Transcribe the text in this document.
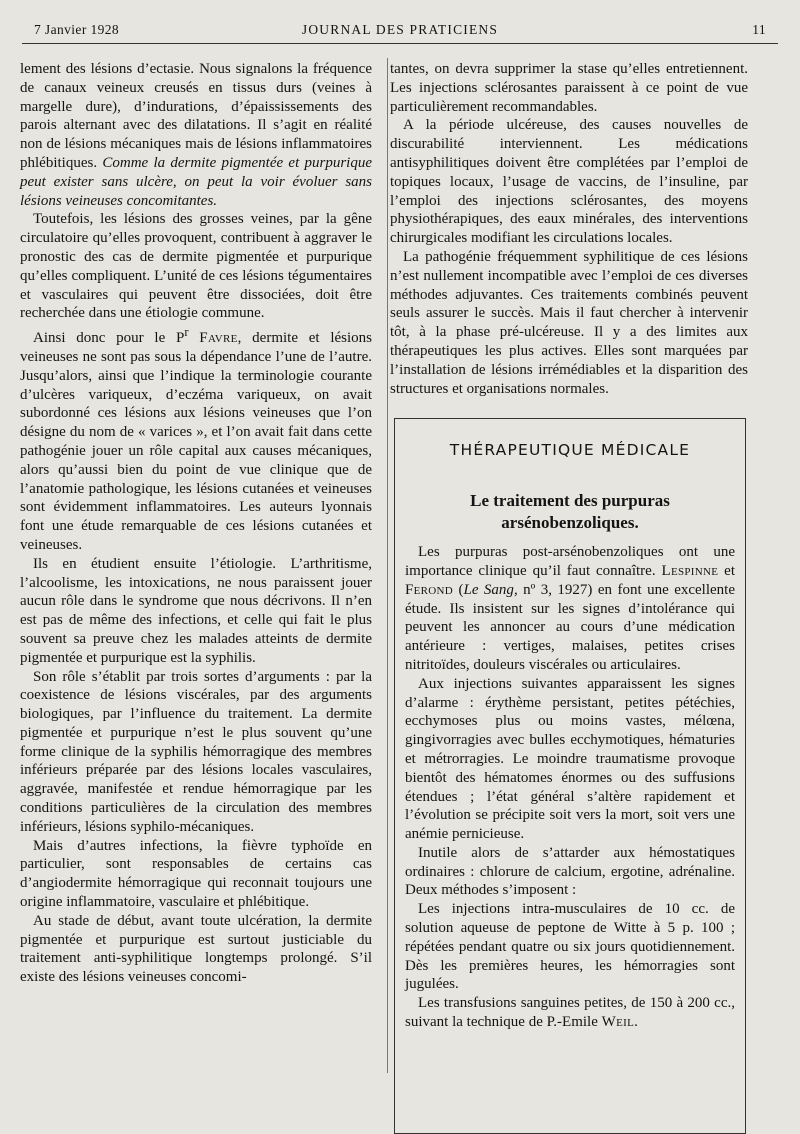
7 Janvier 1928	JOURNAL DES PRATICIENS	11

lement des lésions d’ectasie. Nous signalons la fréquence de canaux veineux creusés en tissus durs (veines à margelle dure), d’indurations, d’épaississements des parois alternant avec des dilatations. Il s’agit en réalité non de lésions mécaniques mais de lésions inflammatoires phlébitiques. Comme la dermite pigmentée et purpurique peut exister sans ulcère, on peut la voir évoluer sans lésions veineuses concomitantes.

Toutefois, les lésions des grosses veines, par la gêne circulatoire qu’elles provoquent, contribuent à aggraver le pronostic des cas de dermite pigmentée et purpurique qu’elles compliquent. L’unité de ces lésions tégumentaires et vasculaires qui peuvent être dissociées, doit être recherchée dans une étiologie commune.

Ainsi donc pour le $P^r$ Favre, dermite et lésions veineuses ne sont pas sous la dépendance l’une de l’autre. Jusqu’alors, ainsi que l’indique la terminologie courante d’ulcères variqueux, d’eczéma variqueux, on avait subordonné ces lésions aux lésions veineuses que l’on désigne du nom de « varices », et l’on avait fait dans cette pathogénie jouer un rôle capital aux causes mécaniques, alors qu’aussi bien du point de vue clinique que de l’anatomie pathologique, les lésions cutanées et veineuses sont évidemment inflammatoires. Les auteurs lyonnais font une étude remarquable de ces lésions cutanées et veineuses.

Ils en étudient ensuite l’étiologie. L’arthritisme, l’alcoolisme, les intoxications, ne nous paraissent jouer aucun rôle dans le syndrome que nous décrivons. Il n’en est pas de même des infections, et celle qui fait le plus souvent sa preuve chez les malades atteints de dermite pigmentée et purpurique est la syphilis.

Son rôle s’établit par trois sortes d’arguments : par la coexistence de lésions viscérales, par des arguments biologiques, par l’influence du traitement. La dermite pigmentée et purpurique n’est le plus souvent qu’une forme clinique de la syphilis hémorragique des membres inférieurs préparée par des lésions locales vasculaires, aggravée, manifestée et rendue hémorragique par les conditions particulières de la circulation des membres inférieurs, lésions syphilo-mécaniques.

Mais d’autres infections, la fièvre typhoïde en particulier, sont responsables de certains cas d’angiodermite hémorragique qui reconnait toujours une origine inflammatoire, vasculaire et phlébitique.

Au stade de début, avant toute ulcération, la dermite pigmentée et purpurique est surtout justiciable du traitement anti-syphilitique longtemps prolongé. S’il existe des lésions veineuses concomi-

tantes, on devra supprimer la stase qu’elles entretiennent. Les injections sclérosantes paraissent à ce point de vue particulièrement recommandables.

A la période ulcéreuse, des causes nouvelles de discurabilité interviennent. Les médications antisyphilitiques doivent être complétées par l’emploi de topiques locaux, l’usage de vaccins, de l’insuline, par l’emploi des injections sclérosantes, des moyens physiothérapiques, des eaux minérales, des interventions chirurgicales modifiant les circulations locales.

La pathogénie fréquemment syphilitique de ces lésions n’est nullement incompatible avec l’emploi de ces diverses méthodes adjuvantes. Ces traitements combinés peuvent seuls assurer le succès. Mais il faut chercher à intervenir tôt, à la phase pré-ulcéreuse. Il y a des limites aux thérapeutiques les plus actives. Elles sont marquées par l’installation de lésions irrémédiables et la disparition des structures et organisations normales.

THÉRAPEUTIQUE MÉDICALE
Le traitement des purpuras arsénobenzoliques.

Les purpuras post-arsénobenzoliques ont une importance clinique qu’il faut connaître. Lespinne et Ferond (Le Sang, nº 3, 1927) en font une excellente étude. Ils insistent sur les signes d’intolérance qui peuvent les annoncer au cours d’une médication antérieure : vertiges, malaises, petites crises nitritoïdes, douleurs viscérales ou articulaires.

Aux injections suivantes apparaissent les signes d’alarme : érythème persistant, petites pétéchies, ecchymoses plus ou moins vastes, mélœna, gingivorragies avec bulles ecchymotiques, hématuries et métrorragies. Le moindre traumatisme provoque bientôt des hématomes énormes ou des suffusions étendues ; l’état général s’altère rapidement et l’évolution se précipite soit vers la mort, soit vers une anémie pernicieuse.

Inutile alors de s’attarder aux hémostatiques ordinaires : chlorure de calcium, ergotine, adrénaline. Deux méthodes s’imposent :

Les injections intra-musculaires de 10 cc. de solution aqueuse de peptone de Witte à 5 p. 100 ; répétées pendant quatre ou six jours quotidiennement. Dès les premières heures, les hémorragies sont jugulées.

Les transfusions sanguines petites, de 150 à 200 cc., suivant la technique de P.-Emile Weil.
